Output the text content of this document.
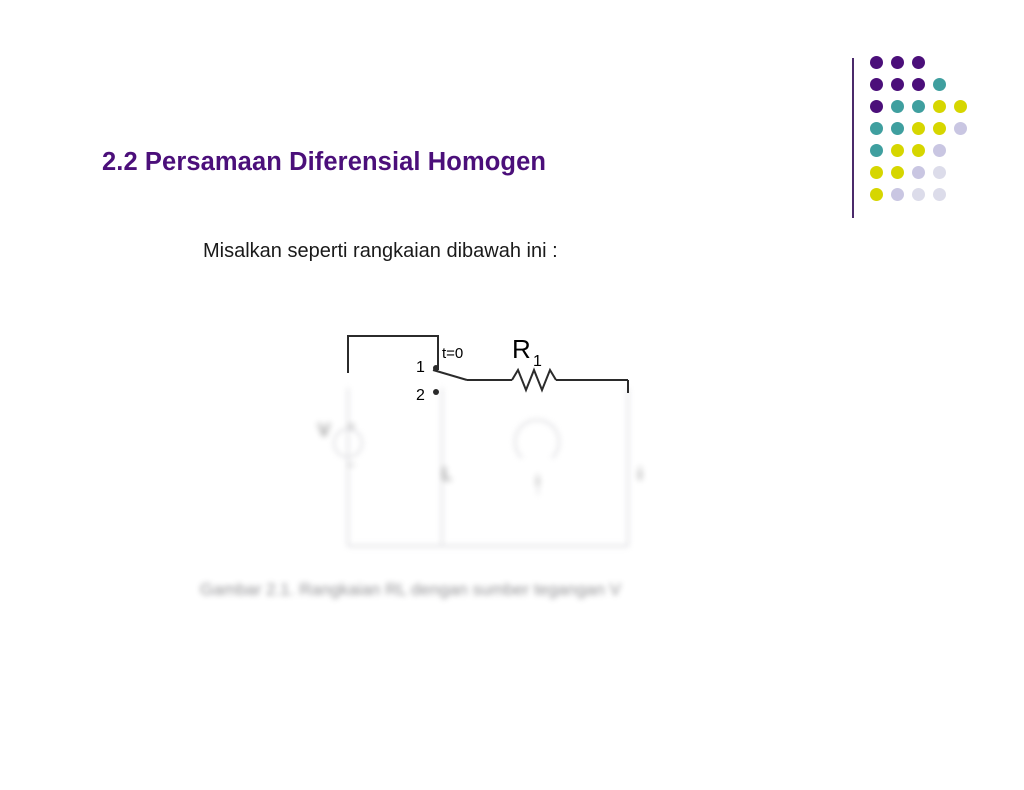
2.2 Persamaan Diferensial Homogen
Misalkan seperti rangkaian dibawah ini :
V +
–	L	i	i
t=0
1
2
R 1
Gambar 2.1. Rangkaian RL dengan sumber tegangan V
